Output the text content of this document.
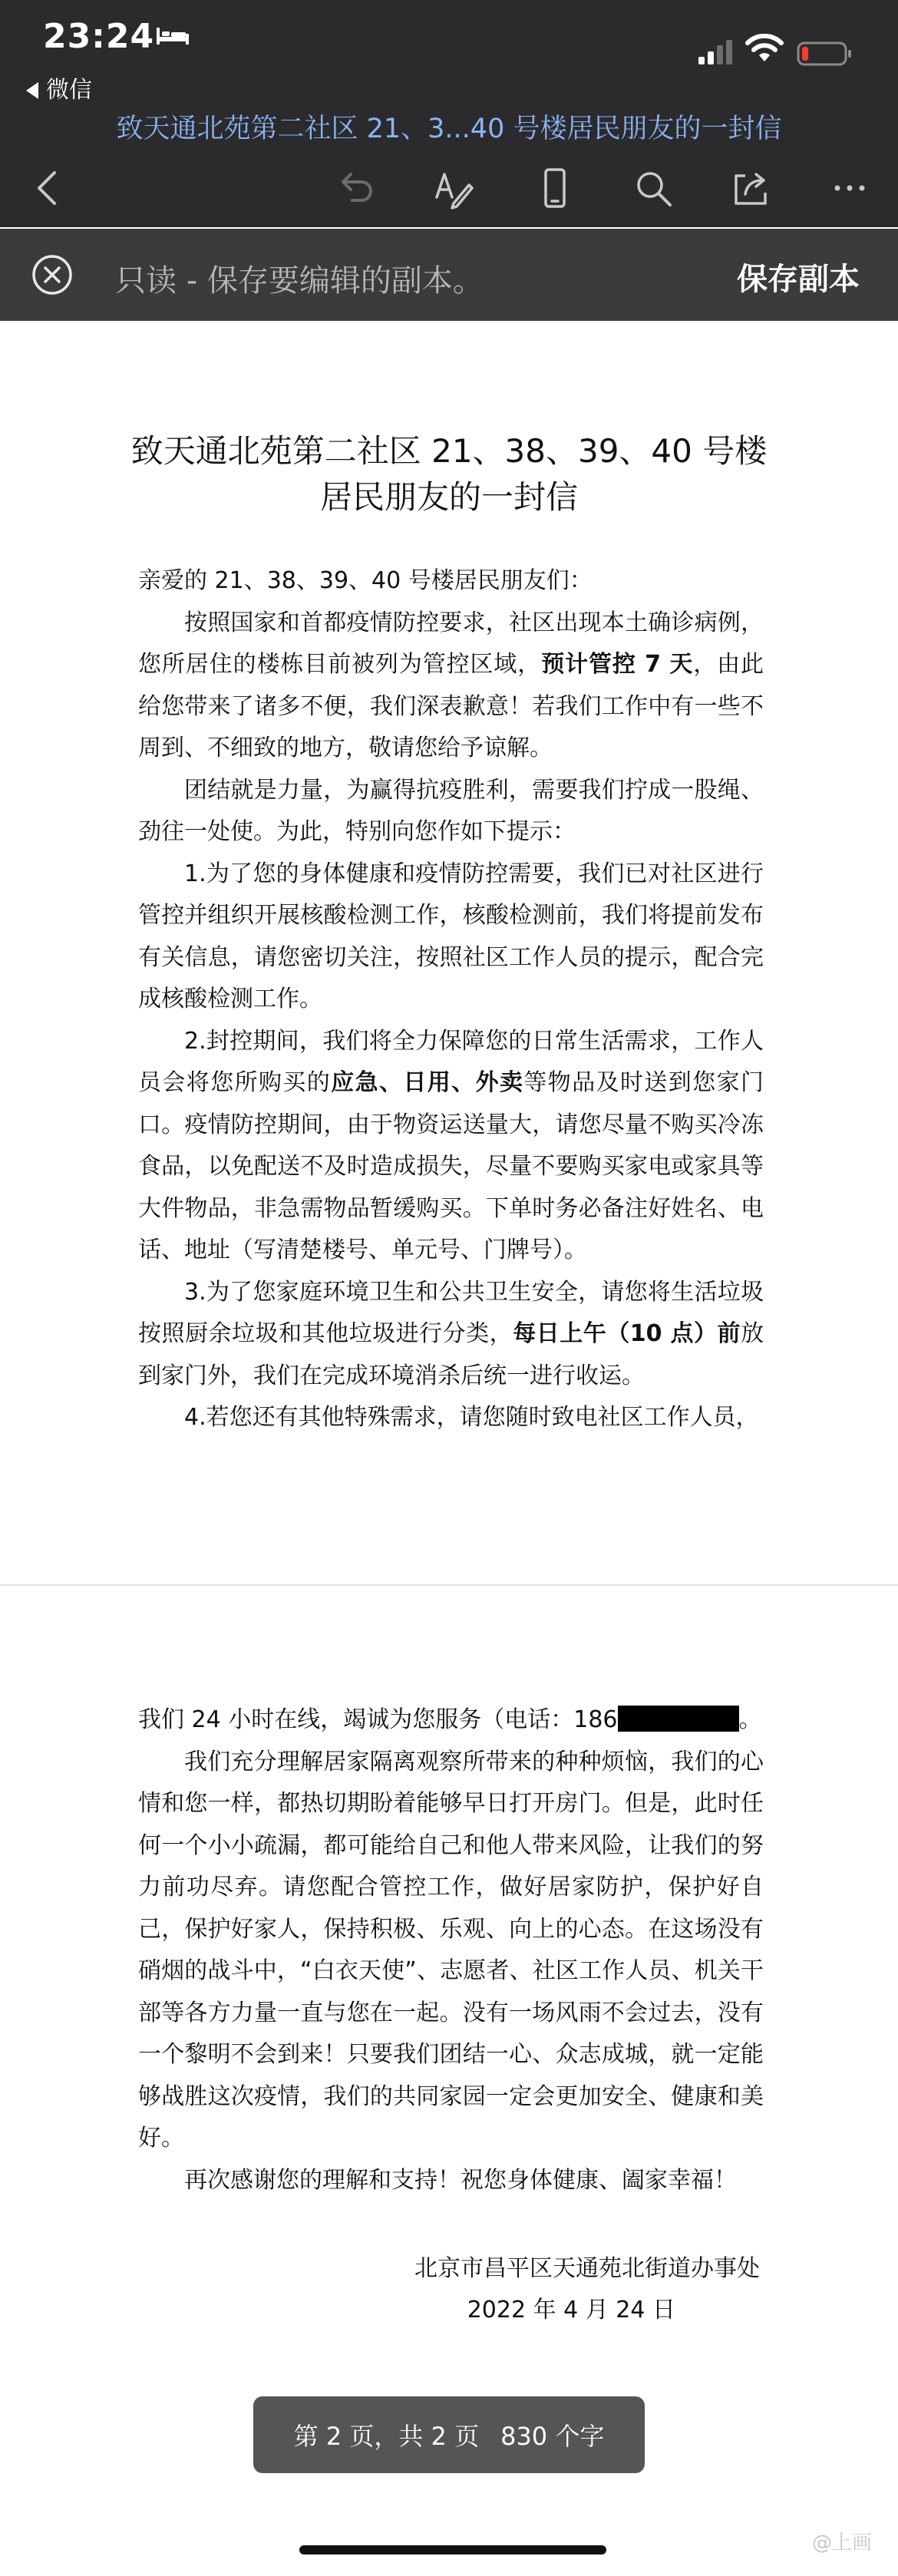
23:24
微信
致天通北苑第二社区 21、3...40 号楼居民朋友的一封信
只读 - 保存要编辑的副本。	保存副本
致天通北苑第二社区 21、38、39、40 号楼
居民朋友的一封信

亲爱的 21、38、39、40 号楼居民朋友们：

按照国家和首都疫情防控要求，社区出现本土确诊病例，您所居住的楼栋目前被列为管控区域，预计管控 7 天，由此给您带来了诸多不便，我们深表歉意！若我们工作中有一些不周到、不细致的地方，敬请您给予谅解。

团结就是力量，为赢得抗疫胜利，需要我们拧成一股绳、劲往一处使。为此，特别向您作如下提示：

1.为了您的身体健康和疫情防控需要，我们已对社区进行管控并组织开展核酸检测工作，核酸检测前，我们将提前发布有关信息，请您密切关注，按照社区工作人员的提示，配合完成核酸检测工作。

2.封控期间，我们将全力保障您的日常生活需求，工作人员会将您所购买的应急、日用、外卖等物品及时送到您家门口。疫情防控期间，由于物资运送量大，请您尽量不购买冷冻食品，以免配送不及时造成损失，尽量不要购买家电或家具等大件物品，非急需物品暂缓购买。下单时务必备注好姓名、电话、地址（写清楚楼号、单元号、门牌号）。

3.为了您家庭环境卫生和公共卫生安全，请您将生活垃圾按照厨余垃圾和其他垃圾进行分类，每日上午（10 点）前放到家门外，我们在完成环境消杀后统一进行收运。

4.若您还有其他特殊需求，请您随时致电社区工作人员，

我们 24 小时在线，竭诚为您服务（电话：186	。

我们充分理解居家隔离观察所带来的种种烦恼，我们的心情和您一样，都热切期盼着能够早日打开房门。但是，此时任何一个小小疏漏，都可能给自己和他人带来风险，让我们的努力前功尽弃。请您配合管控工作，做好居家防护，保护好自己，保护好家人，保持积极、乐观、向上的心态。在这场没有硝烟的战斗中，“白衣天使”、志愿者、社区工作人员、机关干部等各方力量一直与您在一起。没有一场风雨不会过去，没有一个黎明不会到来！只要我们团结一心、众志成城，就一定能够战胜这次疫情，我们的共同家园一定会更加安全、健康和美好。

再次感谢您的理解和支持！祝您身体健康、阖家幸福！

北京市昌平区天通苑北街道办事处
2022 年 4 月 24 日
第 2 页，共 2 页 830 个字
@上画
